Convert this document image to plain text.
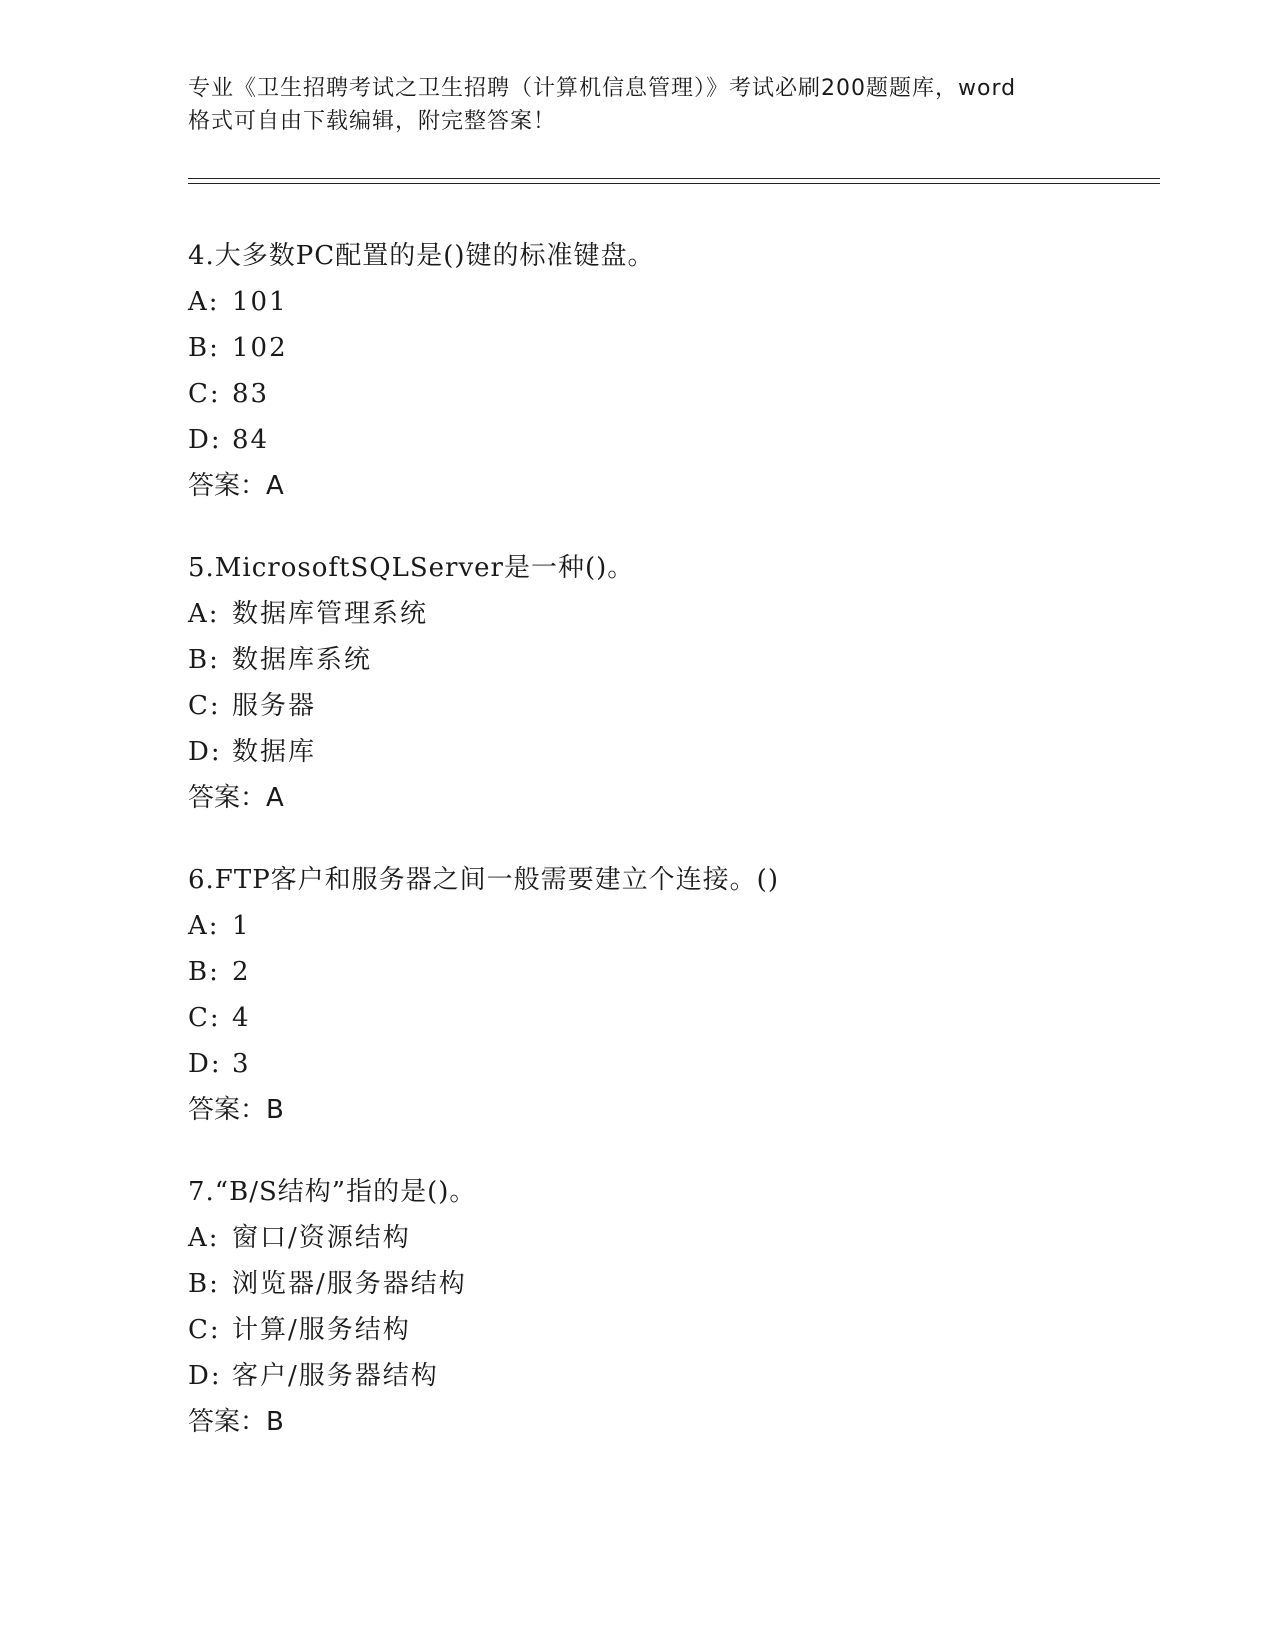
专业《卫生招聘考试之卫生招聘（计算机信息管理）》考试必刷200题题库，word
格式可自由下载编辑，附完整答案！
4.大多数PC配置的是()键的标准键盘。
A: 101
B: 102
C: 83
D: 84
答案：A
5.MicrosoftSQLServer是一种()。
A: 数据库管理系统
B: 数据库系统
C: 服务器
D: 数据库
答案：A
6.FTP客户和服务器之间一般需要建立个连接。()
A: 1
B: 2
C: 4
D: 3
答案：B
7.“B/S结构”指的是()。
A: 窗口/资源结构
B: 浏览器/服务器结构
C: 计算/服务结构
D: 客户/服务器结构
答案：B
